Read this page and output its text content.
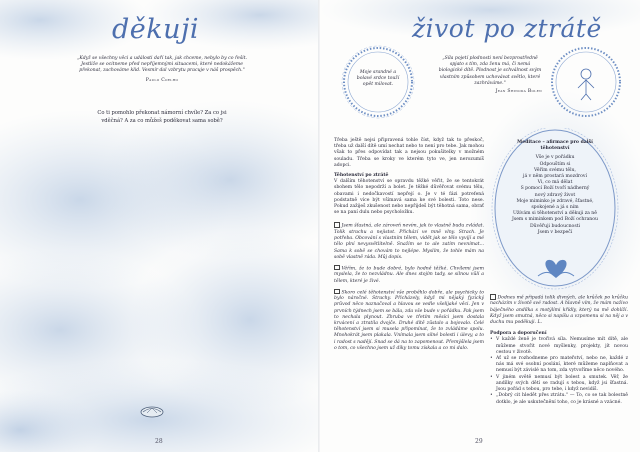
děkuji
„Když se všechny věci a události daří tak, jak chceme, nebylo by co řešit. Jestliže se ocitneme před nepříjemnými situacemi, které nedokážeme překonat, zachováme klid. Vesmír dal vzbrytu pracuje v náš prospěch."
Paulo Coelho
Co ti pomohlo překonat námorní chvíle? Za co jsi vděčná? A za co můžeš poděkovat sama sobě?
28
život po ztrátě
Moje srandné a bolavé srdce touží opět milovat.
„Síla pojetí plodnosti není bezprostředně spjato s tím, zda ženu má, či nemá biologické dítě. Plodnost je schválnost svým vlastním způsobem uchovávat světlo, které zazhráváme."
Jean Shinoda Bolen
Třeba ještě nejsi připravená tohle číst, když tak to přeskoč, třeba už další dítě umí nechat nebo to není pro tebe. Jak mohou však to přes odpovídat tak a nejsou pokušitelky v možném souladu. Třeba se kroky ve kterém tyto ve, jen nerozumíš adopci.
Těhotenství po ztrátě
V dalším těhotenství se opravdu těžké věřit, že se tentokrát sbohem tělo nepodrží a bolet. Je těžké důvěřovat svému tělu, obavami i nedočkavostí nepřejí o. Je v té fázi potrefená podstatně více být všímavá sama ke své bolesti. Toto nese. Pokud zažiješ zkušenost nebo nepřijdeš být těhotná sama, obrať se na paní dulu nebo psycholožku.
Jsem šťastná, ale zároveň nevím, jak to vlastně budu zvládat. Tolik strachu a nejistot. Přichází ve mně vlny. Strach. Je potřeba. Obcování s vlastním tělem, vidět jak se tělo vyvíjí a mé tělo plní nevysvětlitelně. Snažím se to ale zatím nevnímat... Sama k sobě se chovám to nejlépe. Myslím, že tohle mám na sobě vlastně ráda. Můj dopis.
Věřím, že to bude dobré, bylo hodně těžké. Chvílemi jsem myslela, že to nezvládnu. Ale dnes stojím tady, se silnou vůlí a tělem, které je živé.
Skoro celé těhotenství vše proběhlo dobře, ale psychicky to bylo náročné. Strachy. Přicházely, když mi nějaký fyzický průvod něco naznačoval a hlavou se vedle všelijaké věci. Jen v prvních týdnech jsem se bála, zda vše bude v pořádku. Pak jsem to nechala plynout. Zhruba ve třetím měsíci jsem dostala krvácení a ztratila dvojče. Druhé dítě zůstalo a bojovalo. Celé těhotenství jsem si musela připomínat, že to zvládáme spolu. Mnohokrát jsem plakala. Vnímala jsem silné bolesti i úlevy, a to i radost s nadějí. Snad se dá na to zapomenout. Přemýšlela jsem o tom, co všechno jsem už díky tomu získala a co mi dalo.
Meditace – afirmace pro další těhotenství
Vše je v pořádku
Odpouštím si
Věřím svému tělu,
já v něm prostará mozdroví
Vi, co má dělat
S pomocí Boží tvoří nádherný
nový zdravý život
Moje miminko je zdravé, šťastné,
spokojené a já s ním
Užívám si těhotenství a děkuji za ně
Jsem s miminkem pod Boží ochranou
Důvěřuji budoucnosti
Jsem v bezpečí
Dodnes mě připadá tolik divných, ale krůček po krůčku nacházím v životě své radost. A hlavně vím, že mám naživo báječného andílka s motýlími křídly, který na mě dohlíží. Když jsem smutná, něco si napíšu a vzpomenu si na něj a v duchu mu poděkuji. L.
Podpora a doporučení
• V každé ženě je tvořivá síla. Nemusíme mít dítě, ale můžeme stvořit nové myšlenky, projekty, jít novou cestou v životě.
• Ať už se rozhodneme pro mateřství, nebo ne, každé z nás má své osobní poslání, které můžeme naplňovat a nemusí být závislé na tom, zda vytvoříme něco nového.
• V jiném světě nemusí být bolest a smutek. Věř, že andílky svých dětí se radují s tebou, když jsi šťastná. Jsou pořád s tebou, pro tebe, i když nevidíš.
• „Dobrý cit hledět přes ztrátu." — To, co se tak bolestně dotklo, je ale uskutečnění toho, co je krásné a vzácné.
29
